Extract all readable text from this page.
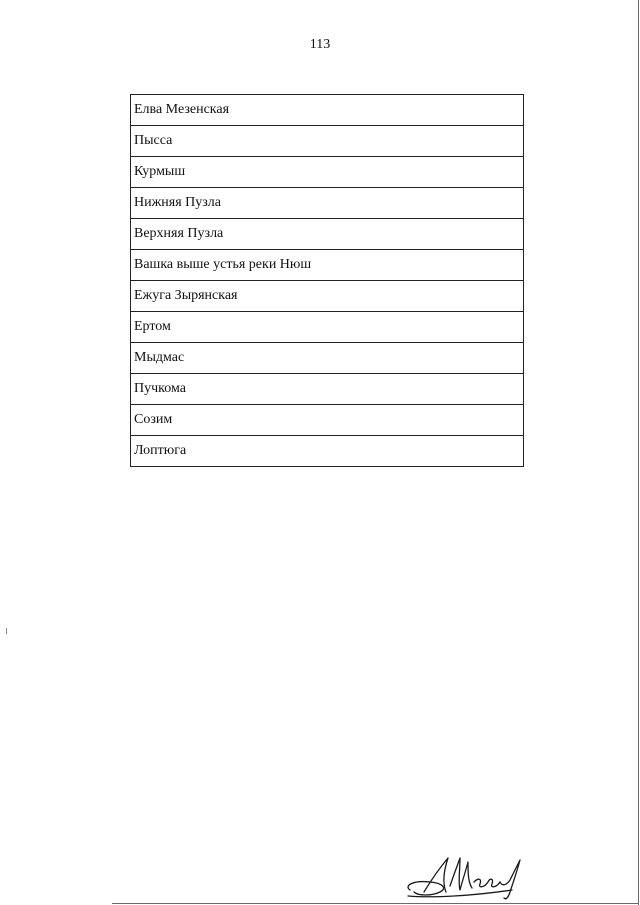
113
Елва Мезенская
Пысса
Курмыш
Нижняя Пузла
Верхняя Пузла
Вашка выше устья реки Нюш
Ежуга Зырянская
Ертом
Мыдмас
Пучкома
Созим
Лоптюга
